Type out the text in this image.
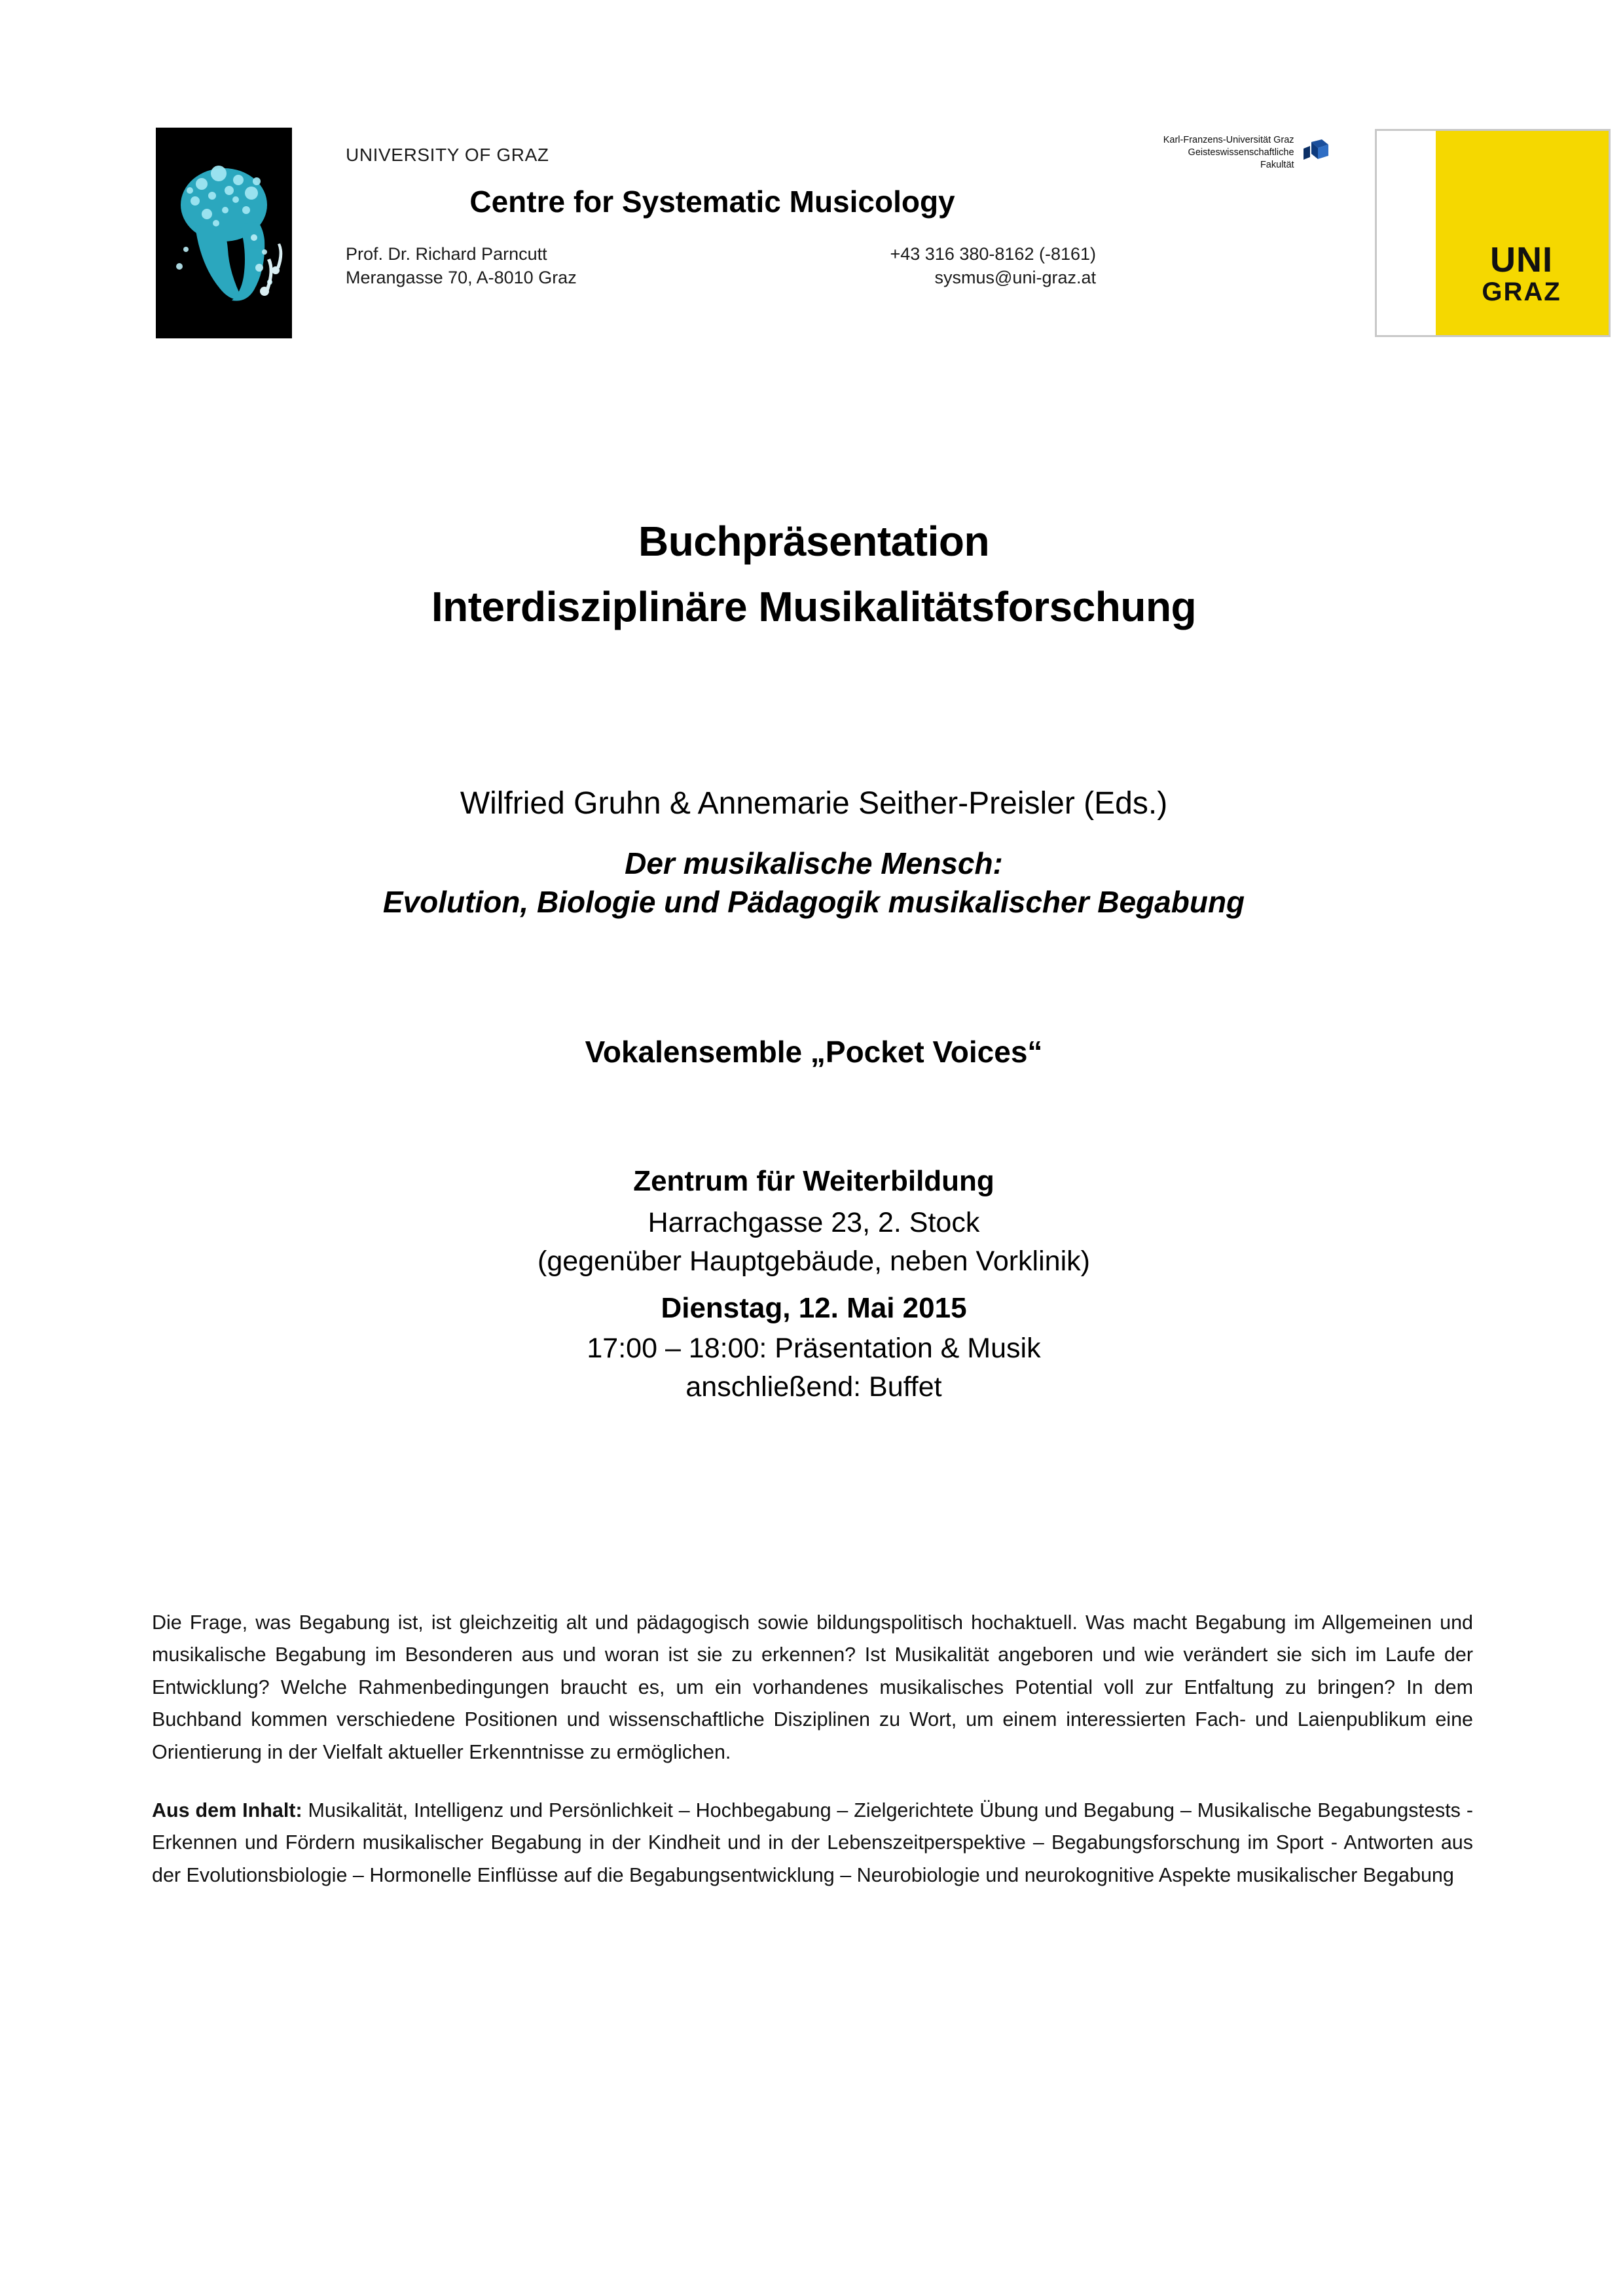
UNIVERSITY OF GRAZ
Centre for Systematic Musicology
Prof. Dr. Richard Parncutt
Merangasse 70, A-8010 Graz
+43 316 380-8162 (-8161)
sysmus@uni-graz.at
Karl-Franzens-Universität Graz
Geisteswissenschaftliche
Fakultät

UNI
GRAZ
Buchpräsentation
Interdisziplinäre Musikalitätsforschung
Wilfried Gruhn & Annemarie Seither-Preisler (Eds.)
Der musikalische Mensch:
Evolution, Biologie und Pädagogik musikalischer Begabung
Vokalensemble „Pocket Voices“
Zentrum für Weiterbildung
Harrachgasse 23, 2. Stock
(gegenüber Hauptgebäude, neben Vorklinik)
Dienstag, 12. Mai 2015
17:00 – 18:00: Präsentation & Musik
anschließend: Buffet
Die Frage, was Begabung ist, ist gleichzeitig alt und pädagogisch sowie bildungspolitisch hochaktuell. Was macht Begabung im Allgemeinen und musikalische Begabung im Besonderen aus und woran ist sie zu erkennen? Ist Musikalität angeboren und wie verändert sie sich im Laufe der Entwicklung? Welche Rahmenbedingungen braucht es, um ein vorhandenes musikalisches Potential voll zur Entfaltung zu bringen? In dem Buchband kommen verschiedene Positionen und wissenschaftliche Disziplinen zu Wort, um einem interessierten Fach- und Laienpublikum eine Orientierung in der Vielfalt aktueller Erkenntnisse zu ermöglichen.
Aus dem Inhalt: Musikalität, Intelligenz und Persönlichkeit – Hochbegabung – Zielgerichtete Übung und Begabung – Musikalische Begabungstests - Erkennen und Fördern musikalischer Begabung in der Kindheit und in der Lebenszeitperspektive – Begabungsforschung im Sport - Antworten aus der Evolutionsbiologie – Hormonelle Einflüsse auf die Begabungsentwicklung – Neurobiologie und neurokognitive Aspekte musikalischer Begabung
